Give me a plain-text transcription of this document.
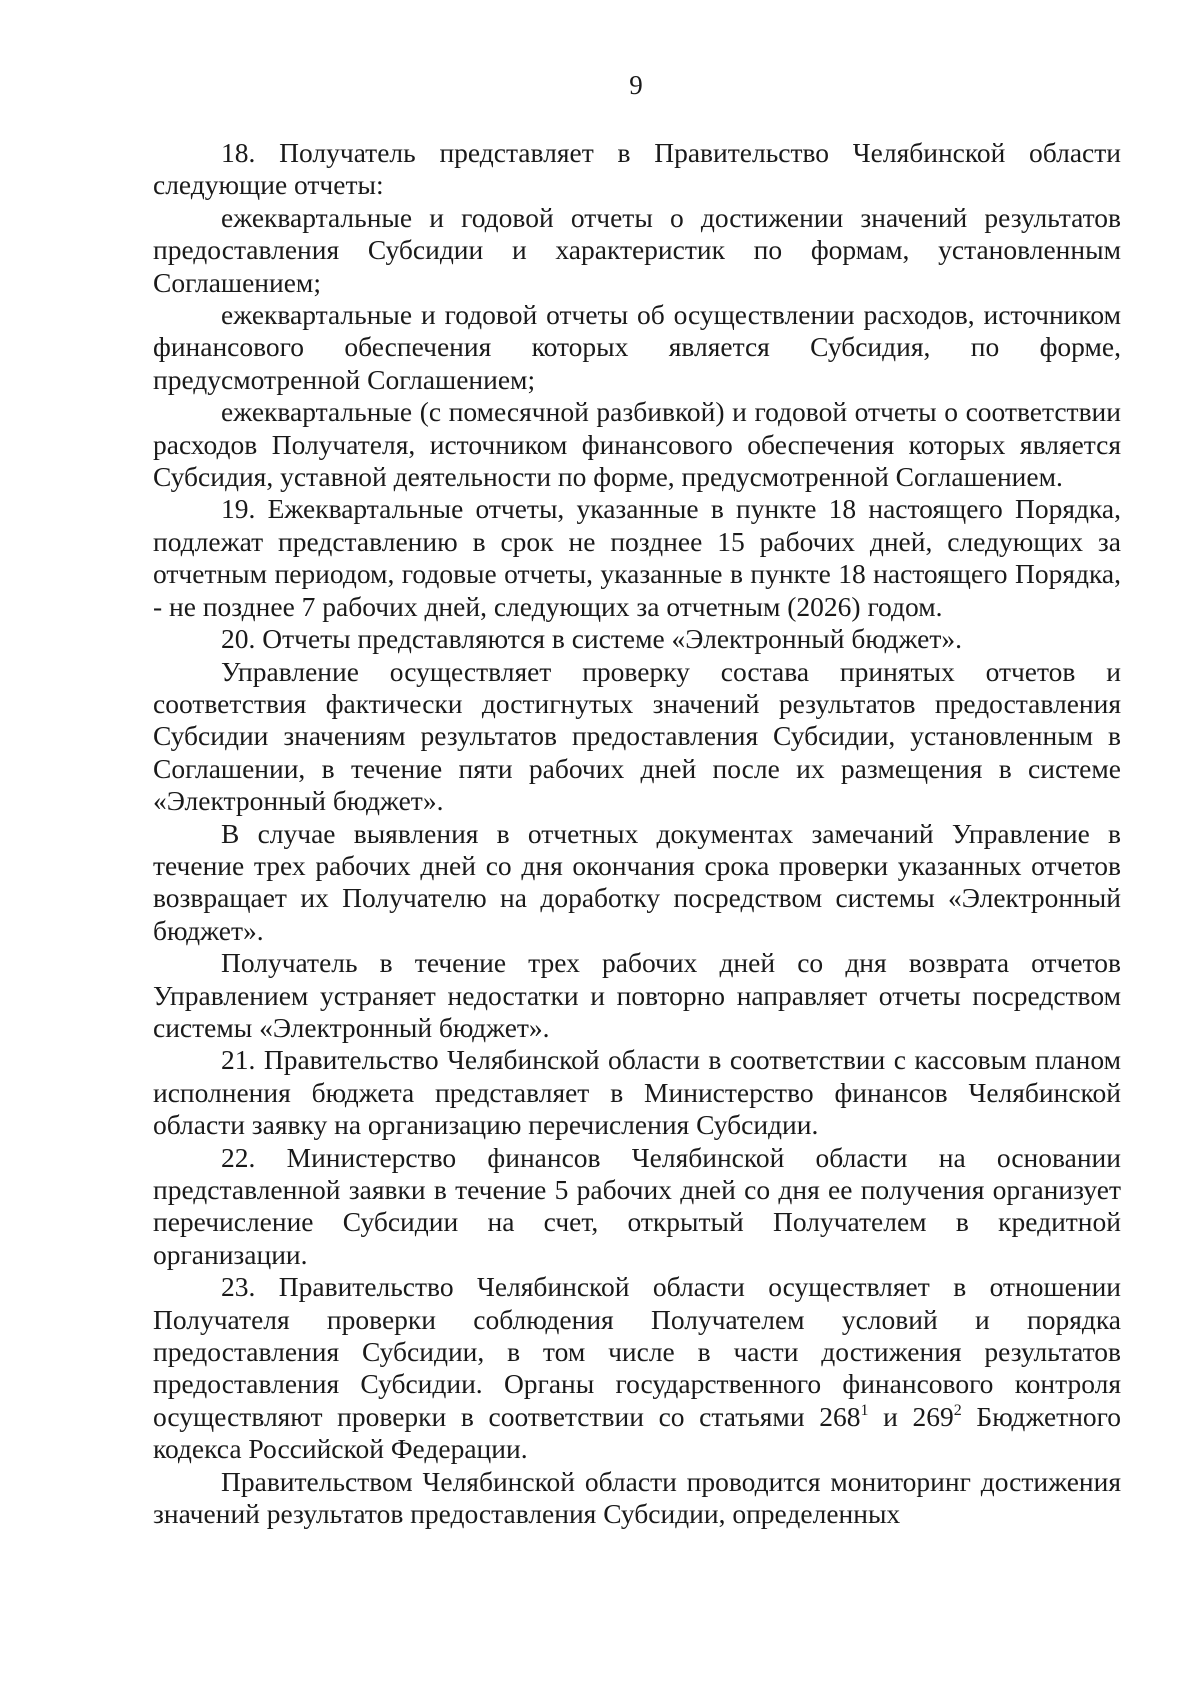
9

18. Получатель представляет в Правительство Челябинской области следующие отчеты:

ежеквартальные и годовой отчеты о достижении значений результатов предоставления Субсидии и характеристик по формам, установленным Соглашением;

ежеквартальные и годовой отчеты об осуществлении расходов, источником финансового обеспечения которых является Субсидия, по форме, предусмотренной Соглашением;

ежеквартальные (с помесячной разбивкой) и годовой отчеты о соответствии расходов Получателя, источником финансового обеспечения которых является Субсидия, уставной деятельности по форме, предусмотренной Соглашением.

19. Ежеквартальные отчеты, указанные в пункте 18 настоящего Порядка, подлежат представлению в срок не позднее 15 рабочих дней, следующих за отчетным периодом, годовые отчеты, указанные в пункте 18 настоящего Порядка, - не позднее 7 рабочих дней, следующих за отчетным (2026) годом.

20. Отчеты представляются в системе «Электронный бюджет».

Управление осуществляет проверку состава принятых отчетов и соответствия фактически достигнутых значений результатов предоставления Субсидии значениям результатов предоставления Субсидии, установленным в Соглашении, в течение пяти рабочих дней после их размещения в системе «Электронный бюджет».

В случае выявления в отчетных документах замечаний Управление в течение трех рабочих дней со дня окончания срока проверки указанных отчетов возвращает их Получателю на доработку посредством системы «Электронный бюджет».

Получатель в течение трех рабочих дней со дня возврата отчетов Управлением устраняет недостатки и повторно направляет отчеты посредством системы «Электронный бюджет».

21. Правительство Челябинской области в соответствии с кассовым планом исполнения бюджета представляет в Министерство финансов Челябинской области заявку на организацию перечисления Субсидии.

22. Министерство финансов Челябинской области на основании представленной заявки в течение 5 рабочих дней со дня ее получения организует перечисление Субсидии на счет, открытый Получателем в кредитной организации.

23. Правительство Челябинской области осуществляет в отношении Получателя проверки соблюдения Получателем условий и порядка предоставления Субсидии, в том числе в части достижения результатов предоставления Субсидии. Органы государственного финансового контроля осуществляют проверки в соответствии со статьями $268^1$ и $269^2$ Бюджетного кодекса Российской Федерации.

Правительством Челябинской области проводится мониторинг достижения значений результатов предоставления Субсидии, определенных
